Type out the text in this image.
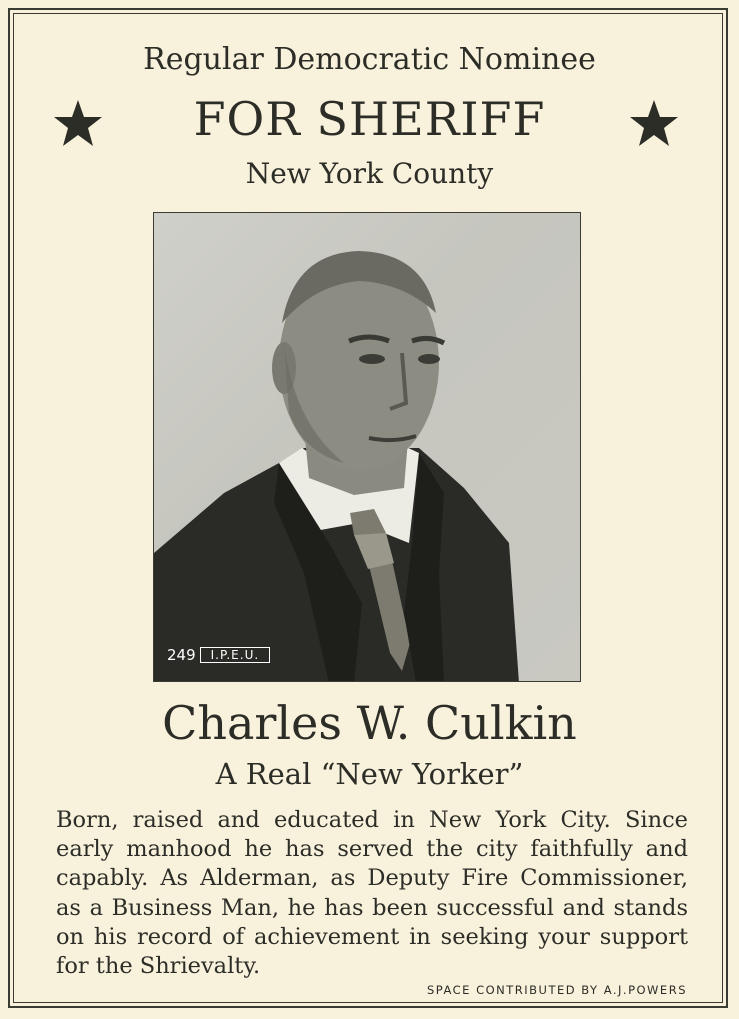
Regular Democratic Nominee
FOR SHERIFF
New York County
249	I.P.E.U.
Charles W. Culkin
A Real “New Yorker”
Born, raised and educated in New York City. Since early manhood he has served the city faithfully and capably. As Alderman, as Deputy Fire Commissioner, as a Business Man, he has been successful and stands on his record of achievement in seeking your support for the Shrievalty.
SPACE CONTRIBUTED BY A.J.POWERS
